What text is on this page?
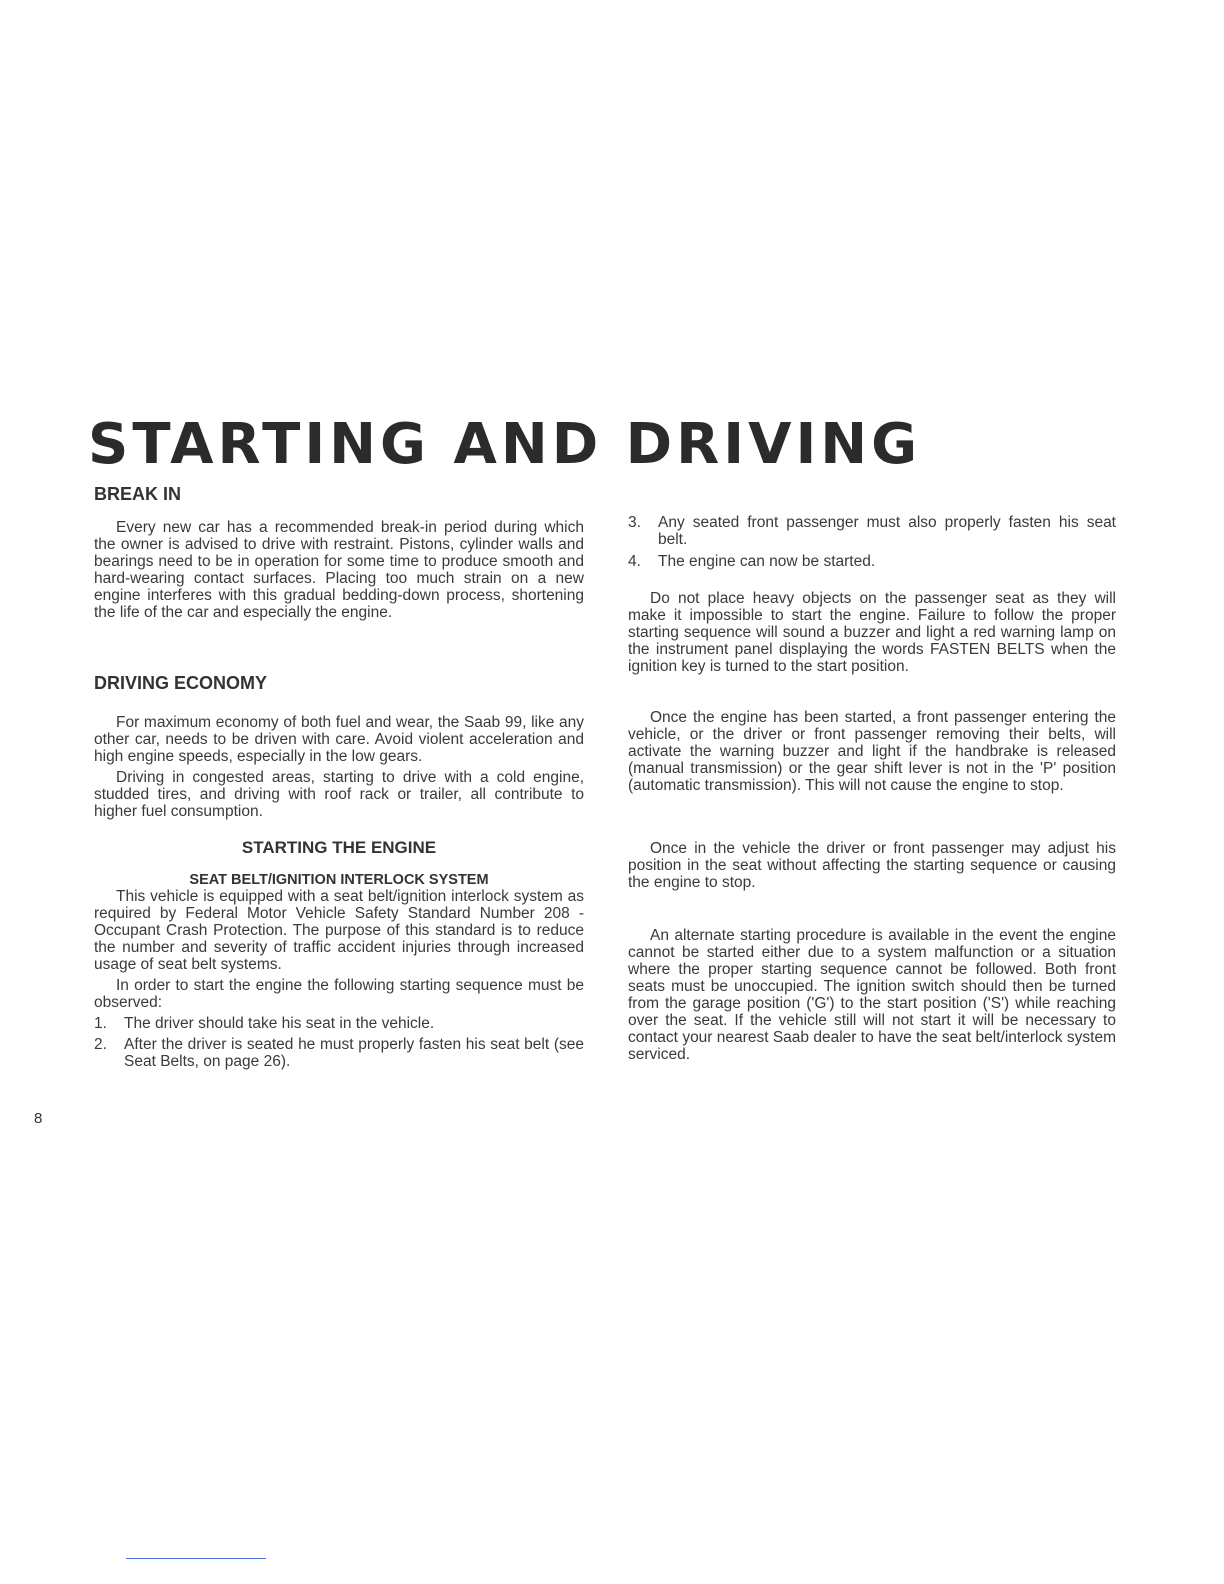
STARTING AND DRIVING
BREAK IN

Every new car has a recommended break-in period during which the owner is advised to drive with restraint. Pistons, cylinder walls and bearings need to be in operation for some time to produce smooth and hard-wearing contact surfaces. Placing too much strain on a new engine interferes with this gradual bedding-down process, shortening the life of the car and especially the engine.

DRIVING ECONOMY

For maximum economy of both fuel and wear, the Saab 99, like any other car, needs to be driven with care. Avoid violent acceleration and high engine speeds, especially in the low gears.

Driving in congested areas, starting to drive with a cold engine, studded tires, and driving with roof rack or trailer, all contribute to higher fuel consumption.

STARTING THE ENGINE
SEAT BELT/IGNITION INTERLOCK SYSTEM

This vehicle is equipped with a seat belt/ignition interlock system as required by Federal Motor Vehicle Safety Standard Number 208 - Occupant Crash Protection. The purpose of this standard is to reduce the number and severity of traffic accident injuries through increased usage of seat belt systems.

In order to start the engine the following starting sequence must be observed:

1.	The driver should take his seat in the vehicle.
2.	After the driver is seated he must properly fasten his seat belt (see Seat Belts, on page 26).
3.	Any seated front passenger must also properly fasten his seat belt.
4.	The engine can now be started.

Do not place heavy objects on the passenger seat as they will make it impossible to start the engine. Failure to follow the proper starting sequence will sound a buzzer and light a red warning lamp on the instrument panel displaying the words FASTEN BELTS when the ignition key is turned to the start position.

Once the engine has been started, a front passenger entering the vehicle, or the driver or front passenger removing their belts, will activate the warning buzzer and light if the handbrake is released (manual transmission) or the gear shift lever is not in the 'P' position (automatic transmission). This will not cause the engine to stop.

Once in the vehicle the driver or front passenger may adjust his position in the seat without affecting the starting sequence or causing the engine to stop.

An alternate starting procedure is available in the event the engine cannot be started either due to a system malfunction or a situation where the proper starting sequence cannot be followed. Both front seats must be unoccupied. The ignition switch should then be turned from the garage position ('G') to the start position ('S') while reaching over the seat. If the vehicle still will not start it will be necessary to contact your nearest Saab dealer to have the seat belt/interlock system serviced.

8
